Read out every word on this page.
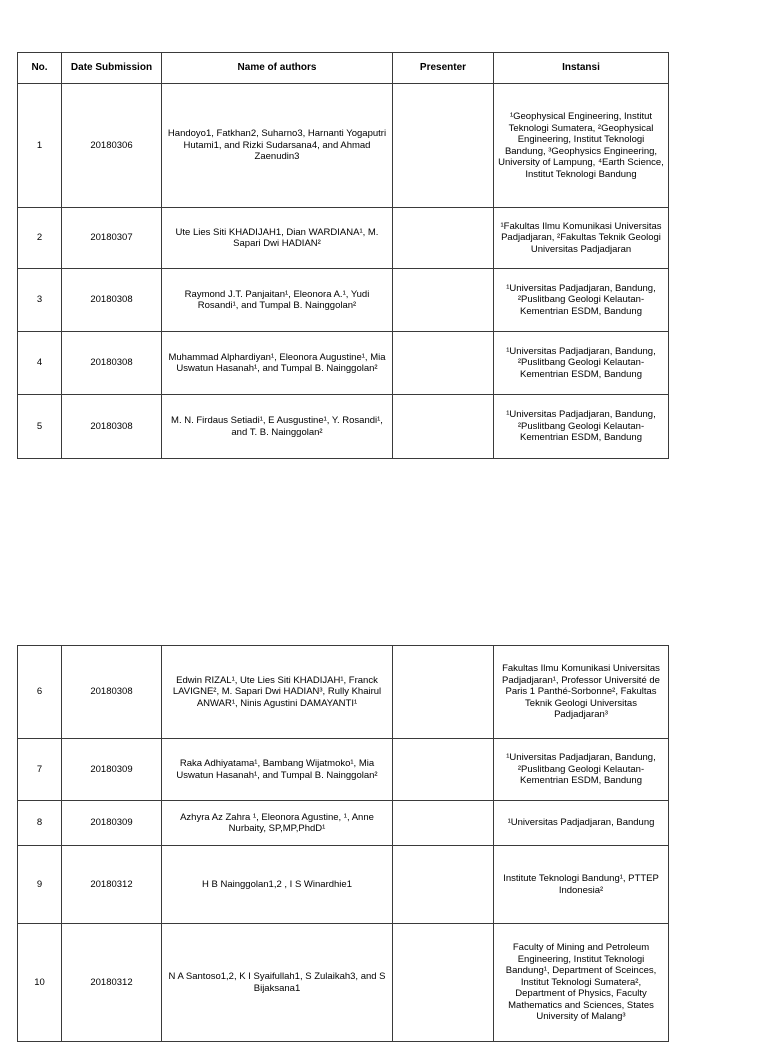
No.	Date Submission	Name of authors	Presenter	Instansi
1	20180306	Handoyo1, Fatkhan2, Suharno3, Harnanti Yogaputri Hutami1, and Rizki Sudarsana4, and Ahmad Zaenudin3		¹Geophysical Engineering, Institut Teknologi Sumatera, ²Geophysical Engineering, Institut Teknologi Bandung, ³Geophysics Engineering, University of Lampung, ⁴Earth Science, Institut Teknologi Bandung
2	20180307	Ute Lies Siti KHADIJAH1, Dian WARDIANA¹, M. Sapari Dwi HADIAN²		¹Fakultas Ilmu Komunikasi Universitas Padjadjaran, ²Fakultas Teknik Geologi Universitas Padjadjaran
3	20180308	Raymond J.T. Panjaitan¹, Eleonora A.¹, Yudi Rosandi¹, and Tumpal B. Nainggolan²		¹Universitas Padjadjaran, Bandung, ²Puslitbang Geologi Kelautan-Kementrian ESDM, Bandung
4	20180308	Muhammad Alphardiyan¹, Eleonora Augustine¹, Mia Uswatun Hasanah¹, and Tumpal B. Nainggolan²		¹Universitas Padjadjaran, Bandung, ²Puslitbang Geologi Kelautan-Kementrian ESDM, Bandung
5	20180308	M. N. Firdaus Setiadi¹, E Ausgustine¹, Y. Rosandi¹, and T. B. Nainggolan²		¹Universitas Padjadjaran, Bandung, ²Puslitbang Geologi Kelautan-Kementrian ESDM, Bandung
6	20180308	Edwin RIZAL¹, Ute Lies Siti KHADIJAH¹, Franck LAVIGNE², M. Sapari Dwi HADIAN³, Rully Khairul ANWAR¹, Ninis Agustini DAMAYANTI¹		Fakultas Ilmu Komunikasi Universitas Padjadjaran¹, Professor Université de Paris 1 Panthé-Sorbonne², Fakultas Teknik Geologi Universitas Padjadjaran³
7	20180309	Raka Adhiyatama¹, Bambang Wijatmoko¹, Mia Uswatun Hasanah¹, and Tumpal B. Nainggolan²		¹Universitas Padjadjaran, Bandung, ²Puslitbang Geologi Kelautan-Kementrian ESDM, Bandung
8	20180309	Azhyra Az Zahra ¹, Eleonora Agustine, ¹, Anne Nurbaity, SP,MP,PhdD¹		¹Universitas Padjadjaran, Bandung
9	20180312	H B Nainggolan1,2 , I S Winardhie1		Institute Teknologi Bandung¹, PTTEP Indonesia²
10	20180312	N A Santoso1,2, K I Syaifullah1, S Zulaikah3, and S Bijaksana1		Faculty of Mining and Petroleum Engineering, Institut Teknologi Bandung¹, Department of Sceinces, Institut Teknologi Sumatera², Department of Physics, Faculty Mathematics and Sciences, States University of Malang³
